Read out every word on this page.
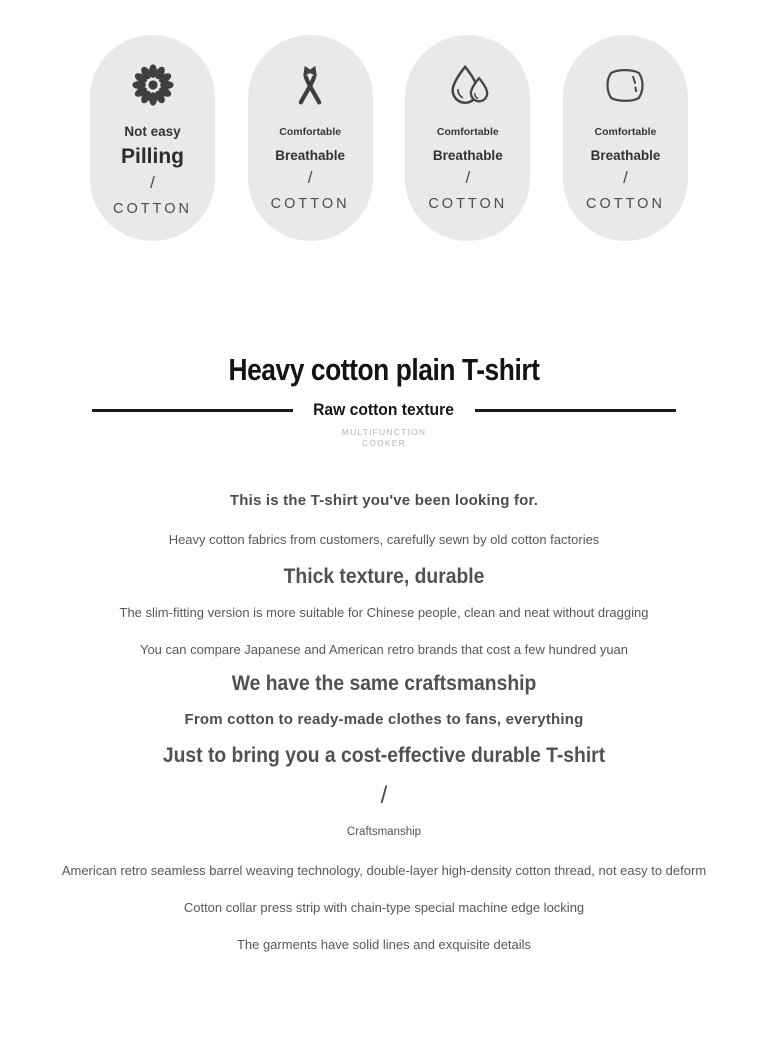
Not easy
Pilling
/
COTTON
Comfortable
Breathable
/
COTTON
Comfortable
Breathable
/
COTTON
Comfortable
Breathable
/
COTTON
Heavy cotton plain T-shirt
Raw cotton texture
MULTIFUNCTION
COOKER

This is the T-shirt you've been looking for.

Heavy cotton fabrics from customers, carefully sewn by old cotton factories

Thick texture, durable

The slim-fitting version is more suitable for Chinese people, clean and neat without dragging

You can compare Japanese and American retro brands that cost a few hundred yuan

We have the same craftsmanship

From cotton to ready-made clothes to fans, everything

Just to bring you a cost-effective durable T-shirt

/

Craftsmanship

American retro seamless barrel weaving technology, double-layer high-density cotton thread, not easy to deform

Cotton collar press strip with chain-type special machine edge locking

The garments have solid lines and exquisite details
